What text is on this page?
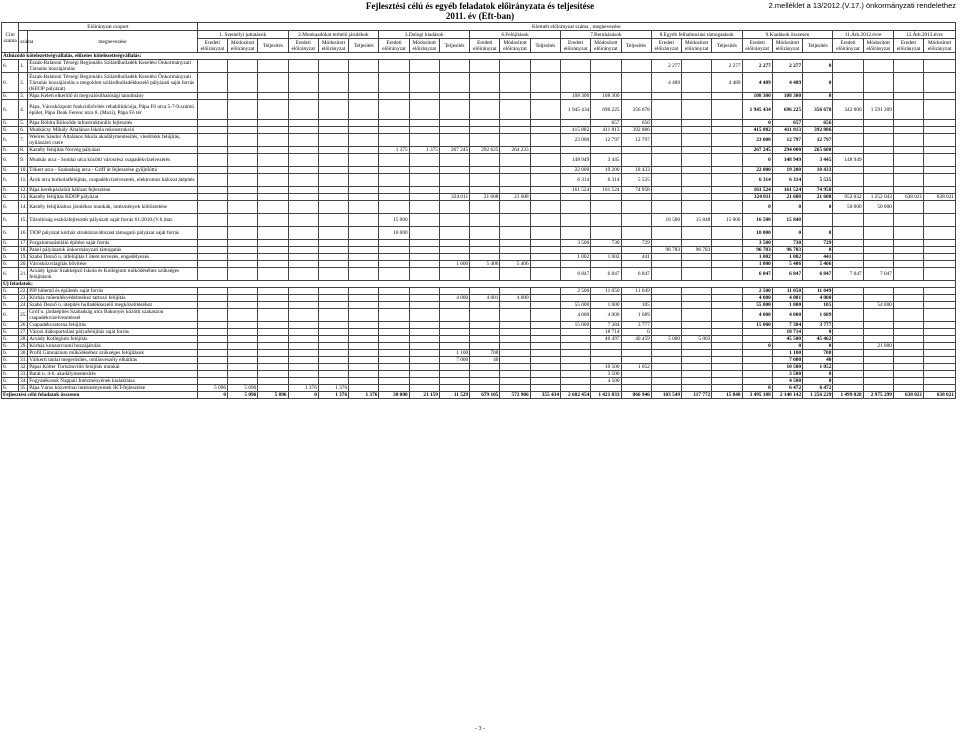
Fejlesztési célú és egyéb feladatok előirányzata és teljesítése
2011. év (Eft-ban)
2.melléklet a 13/2012.(V.17.) önkormányzati rendelethez
Cím száma	Előirányzat csoport		Kiemelt előirányzat száma , megnevezése																								
	száma	megnevezése	1. Személyi juttatások			2.Munkaadókat terhelő járulékok			3.Dologi kiadások			6.Felújítások			7.Beruházások			8.Egyéb felhalmozási támogatások			9.Kiadások összesen			11.Áth.2012.évre		12.Áth.2013.évre	
			Eredeti előirányzat	Módosított előirányzat	Teljesítés	Eredeti előirányzat	Módosított előirányzat	Teljesítés	Eredeti előirányzat	Módosított előirányzat	Teljesítés	Eredeti előirányzat	Módosított előirányzat	Teljesítés	Eredeti előirányzat	Módosított előirányzat	Teljesítés	Eredeti előirányzat	Módosított előirányzat	Teljesítés	Eredeti előirányzat	Módosított előirányzat	Teljesítés	Eredeti előirányzat	Módosított előirányzat	Eredeti előirányzat	Módosított előirányzat
Áthúzódó kötelezettségvállalás, előzetes kötelezettségvállalás:																											
6.	1.	Észak-Balatoni Térségi Regionális Szilárdhulladék Kezelési Önkormányzati Társulás hozzájárulás																2 277		2 277	2 277	2 277	0				
6.	2.	Észak-Balatoni Térségi Regionális Szilárdhulladék Kezelési Önkormányzati Társulás hozzájárulás a megoldott szilárdhulladékkezelő pályázati saját forrás (KEOP pályázat)																4 489		4 489	4 489	4 489	0				
6.	3.	Pápa Keleti elkerülő út megvalósíthatósági tanulmány													108 300	108 300					108 300	108 300	0				
6.	4.	Pápa, Városközpont funkcióbővítés rehabilitációja, Pápa Fő utca 5-7-9.számú épület, Pápa Deák Ferenc utca 8. (Mozi), Pápa Fő tér													1 945 434	696 225	356 678				1 945 434	696 225	356 678	342 000	1 591 209		
6.	5.	Pápa Bóbita Bölcsőde infrastrukturális fejlesztés														657	656				0	657	656				
6.	6.	Munkácsy Mihály Általános Iskola rekonstrukció													415 882	411 813	392 886				415 882	411 813	392 886				
6.	7.	Weöres Sándor Általános Iskola akadálymentesítés, viesblokk felújítás, nyílászáró csere													23 000	12 797	12 797				23 000	12 797	12 797				
6.	8.	Kastély felújítás Norvég pályázat							1 375	1 375	267 245	292 625	264 233								267 245	294 000	265 608				
6.	9.	Munkás utca - Somlai utca közötti városrész csapadékvízelvezetés													148 949	3 445					0	148 949	3 445	148 949			
6.	10.	Tókert utca - Szabadság utca - Griff út fejlesztése gyűjtőúttá													22 000	19 200	18 433				22 000	19 200	18 433				
6.	11.	Árok utca burkolatfelújítás, csapadékvízelvezetés, elektromos hálózat átépítés													6 314	6 314	5 535				6 314	6 314	5 535				
6.	12.	Pápa kerékpáráróút hálózat fejlesztése													161 524	161 524	74 958				161 524	161 524	74 958				
6.	13.	Kastély felújítás KDOP pályázat									324 011	21 608	21 608								324 011	21 608	21 608	952 032	1 252 043	638 021	638 021
6.	14.	Kastély felújításhoz járulékos munkák, intézmények költöztetése																			0	0	0	50 000	50 000		
6.	15.	Tűzoltóság eszközfejlesztés pályázati saját forrás 61/2010.(V.6.)hat.							15 000									16 500	15 848	15 000	16 500	15 848					
6.	16.	TIOP pályázat kórház struktúraváltozást támogató pályázat saját forrás							10 000												10 000	0	0				
6.	17.	Forgalomszámláló építése saját forrás													3 500	730	729				3 500	730	729				
6.	18.	Panel pályázatok önkormányzati támogatás																96 783	96 783		96 783	96 783	0				
6.	19.	Szabó Dezső u. útfelújítás I ütem tervezés, engedélyezés													1 002	1 002	441				1 002	1 002	441				
6.	20.	Városközvilágítás bővítése									1 000	5 406	5 406								1 000	5 406	5 406				
6.	21.	Acsády Ignác Szakképző Iskola és Kollégium működéséhez szükséges felújítások													6 847	6 847	6 847				6 847	6 847	6 847	7 047	7 047		
Új feladatok:																											
6.	22.	PIP hűtemű és épületés saját forrás													2 500	11 050	11 049				2 500	11 050	11 049				
6.	23.	Kórház műemlékvédelméhez tartozó felújítás									4 000	4 001	4 000								4 000	4 001	4 000				
6.	24.	Szabó Dezső u. útépítés hulladékkezelő megközelítéséhez													55 000	1 000	105				55 000	1 000	105		54 000		
6.	25.	Gróf u. járdaépítés Szabadság utca Bakonyér közötti szakaszon csapadékvízelvezetéssel													4 000	4 000	1 689				4 000	4 000	1 689				
6.	26.	Csapadékcsatorna felújítás													15 000	7 384	3 777				15 000	7 384	3 777				
6.	27.	Városi diáksportolási pályafelújítás saját forrás														18 714	0					18 714	0				
6.	28.	Acsády Kollégium felújítás														40 497	40 459	5 000	5 003			45 500	45 462				
6.	29.	Kórház konzorciumi hozzájárulás																			0	0	0		21 000		
6.	30.	Profil Gimnázium működéséhez szükséges felújítások									1 100	708										1 100	708				
6.	31.	Várkerti tánlal megerősítés, omlásveszély elhárítás									7 000	40										7 000	40				
6.	32.	Pápai Költer Turisztavilló felújítás munkái														10 500	1 052					10 500	1 052				
6.	33.	Barát u. 4-6. akadálymentesítés														3 500						3 500	0				
6.	34.	Fogyatékosok Nappali Intézményének kialakítása														4 500						4 500	0				
6.	35.	Pápa Város közvetlnai intézményeinek IKT-fejlesztése	5 096	5 096		1 376	1 376														0	6 472	6 472				
Fejlesztési célú feladatok összesen			0	5 096	5 096	0	1 376	1 376	30 000	21 159	11 529	679 105	572 906	355 434	2 682 454	1 421 833	866 946	103 549	117 772	15 848	3 495 108	2 140 142	1 256 229	1 499 028	2 975 299	638 021	638 021
- 3 -
